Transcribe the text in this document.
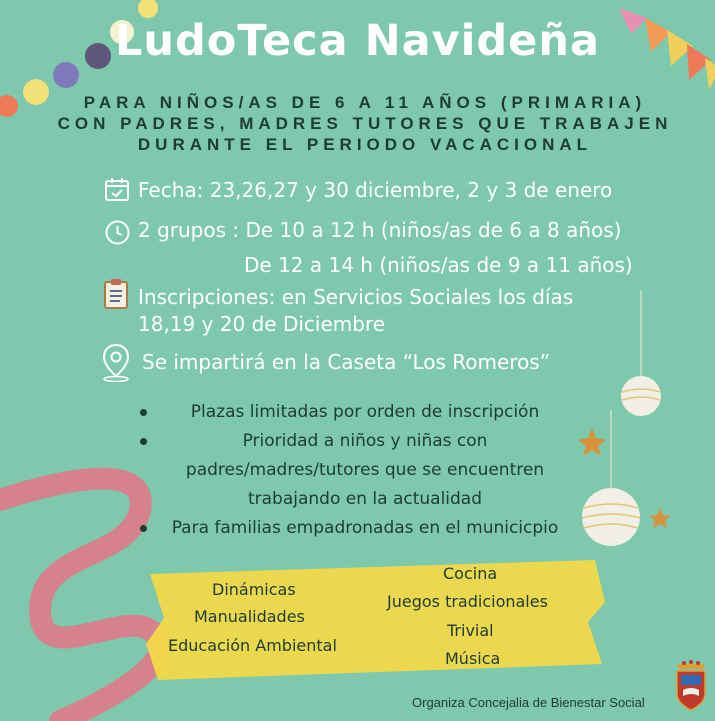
LudoTeca Navideña
PARA NIÑOS/AS DE 6 A 11 AÑOS (PRIMARIA)
CON PADRES, MADRES TUTORES QUE TRABAJEN
DURANTE EL PERIODO VACACIONAL
Fecha: 23,26,27 y 30 diciembre, 2 y 3 de enero
2 grupos : De 10 a 12 h (niños/as de 6 a 8 años)
De 12 a 14 h (niños/as de 9 a 11 años)
Inscripciones: en Servicios Sociales los días
18,19 y 20 de Diciembre
Se impartirá en la Caseta “Los Romeros”
Plazas limitadas por orden de inscripción
Prioridad a niños y niñas con
padres/madres/tutores que se encuentren
trabajando en la actualidad
Para familias empadronadas en el municicpio
Dinámicas
Manualidades
Educación Ambiental
Cocina
Juegos tradicionales
Trivial
Música
Organiza Concejalia de Bienestar Social
